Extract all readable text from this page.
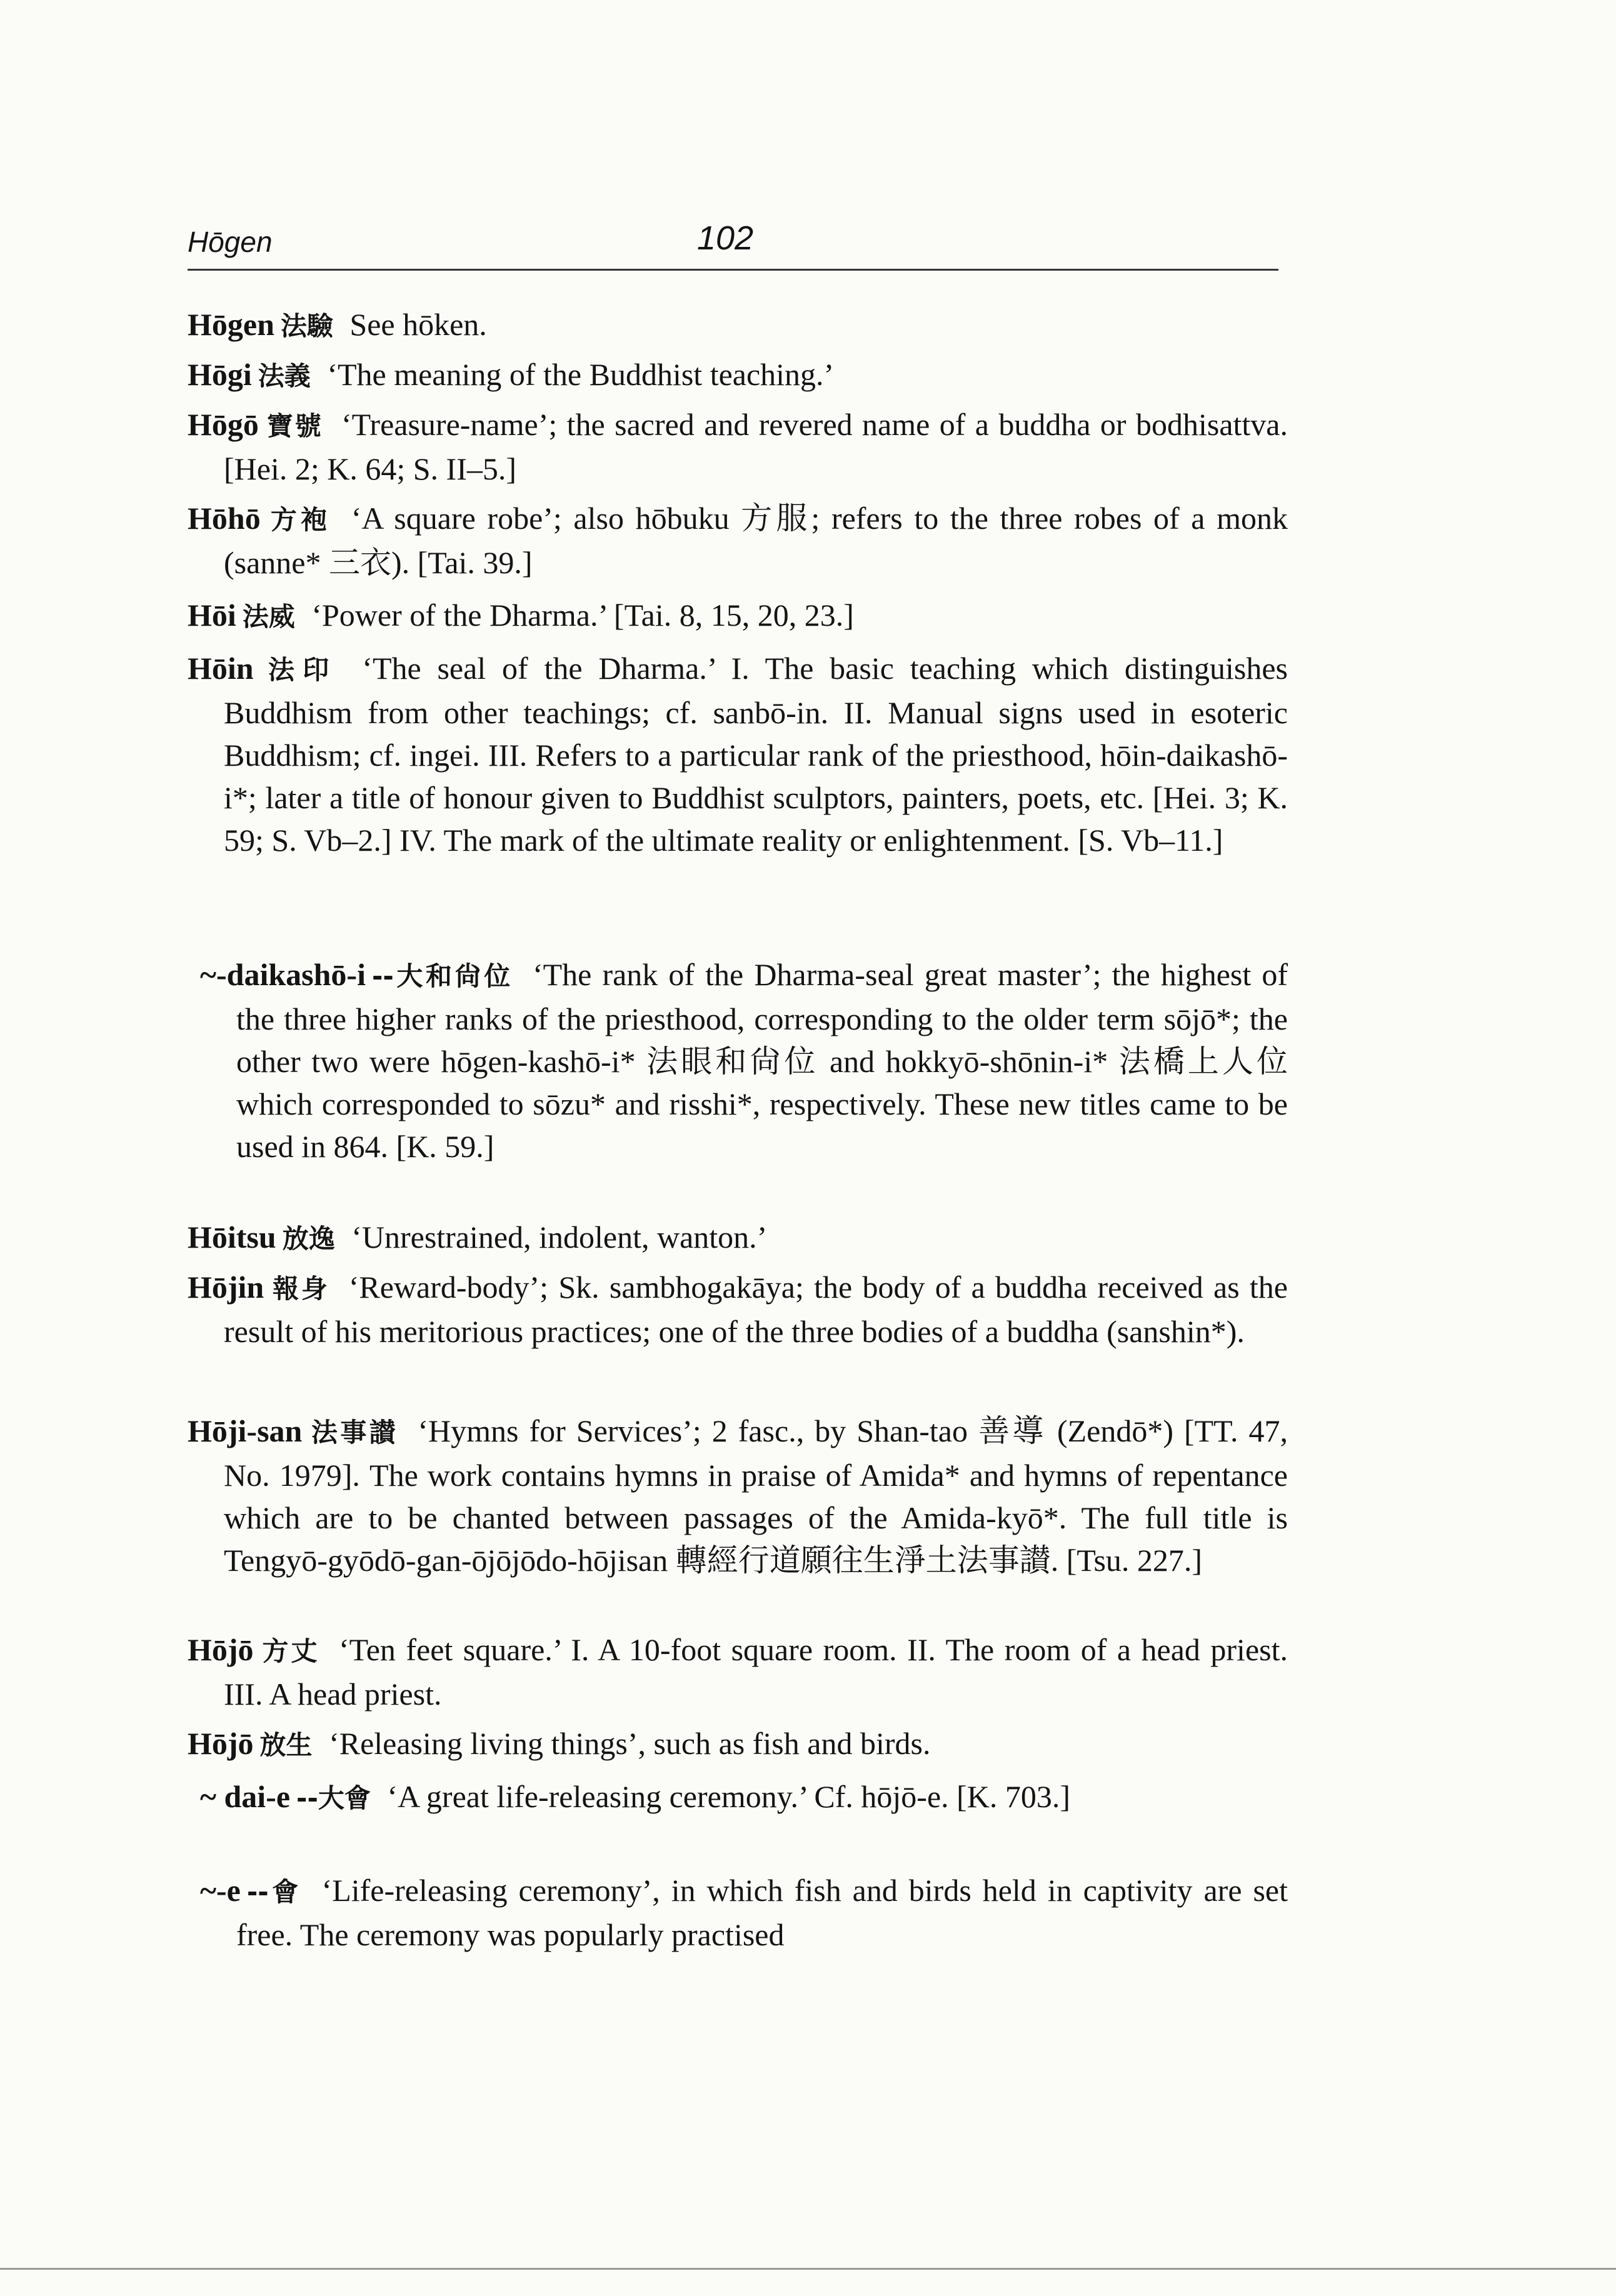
Hōgen	102
Hōgen 法驗 See hōken.
Hōgi 法義 ‘The meaning of the Buddhist teaching.’
Hōgō 寶號 ‘Treasure-name’; the sacred and revered name of a buddha or bodhisattva. [Hei. 2; K. 64; S. II–5.]
Hōhō 方袍 ‘A square robe’; also hōbuku 方服; refers to the three robes of a monk (sanne* 三衣). [Tai. 39.]
Hōi 法威 ‘Power of the Dharma.’ [Tai. 8, 15, 20, 23.]
Hōin 法印 ‘The seal of the Dharma.’ I. The basic teaching which distinguishes Buddhism from other teachings; cf. sanbō-in. II. Manual signs used in esoteric Buddhism; cf. ingei. III. Refers to a particular rank of the priesthood, hōin-daikashō-i*; later a title of honour given to Buddhist sculptors, painters, poets, etc. [Hei. 3; K. 59; S. Vb–2.] IV. The mark of the ultimate reality or enlightenment. [S. Vb–11.]
~-daikashō-i --大和尙位 ‘The rank of the Dharma-seal great master’; the highest of the three higher ranks of the priesthood, corresponding to the older term sōjō*; the other two were hōgen-kashō-i* 法眼和尙位 and hokkyō-shōnin-i* 法橋上人位 which corresponded to sōzu* and risshi*, respectively. These new titles came to be used in 864. [K. 59.]
Hōitsu 放逸 ‘Unrestrained, indolent, wanton.’
Hōjin 報身 ‘Reward-body’; Sk. sambhogakāya; the body of a buddha received as the result of his meritorious practices; one of the three bodies of a buddha (sanshin*).
Hōji-san 法事讃 ‘Hymns for Services’; 2 fasc., by Shan-tao 善導 (Zendō*) [TT. 47, No. 1979]. The work contains hymns in praise of Amida* and hymns of repentance which are to be chanted between passages of the Amida-kyō*. The full title is Tengyō-gyōdō-gan-ōjōjōdo-hōjisan 轉經行道願往生淨土法事讃. [Tsu. 227.]
Hōjō 方丈 ‘Ten feet square.’ I. A 10-foot square room. II. The room of a head priest. III. A head priest.
Hōjō 放生 ‘Releasing living things’, such as fish and birds.
~ dai-e --大會 ‘A great life-releasing ceremony.’ Cf. hōjō-e. [K. 703.]
~-e --會 ‘Life-releasing ceremony’, in which fish and birds held in captivity are set free. The ceremony was popularly practised
